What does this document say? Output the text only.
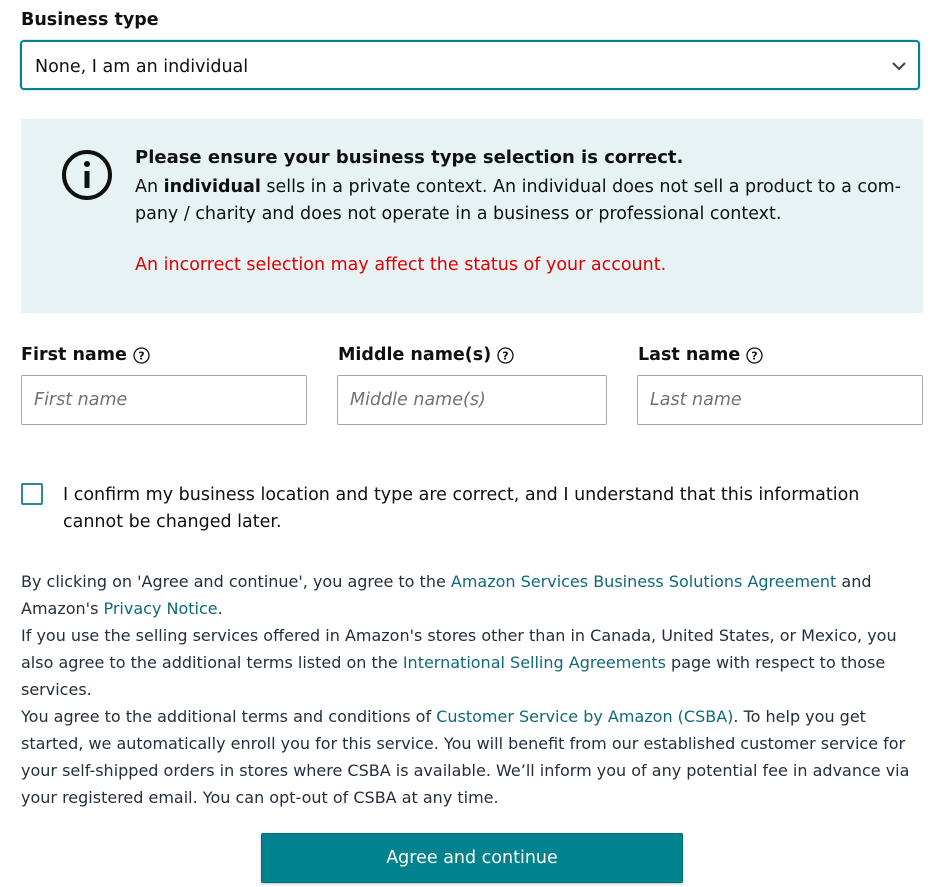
Business type
None, I am an individual
Please ensure your business type selection is correct.
An individual sells in a private context. An individual does not sell a product to a com-pany / charity and does not operate in a business or professional context.
An incorrect selection may affect the status of your account.
First name ?	Middle name(s) ?	Last name ?
First name
Middle name(s)
Last name
I confirm my business location and type are correct, and I understand that this information cannot be changed later.
By clicking on 'Agree and continue', you agree to the Amazon Services Business Solutions Agreement and Amazon's Privacy Notice.
If you use the selling services offered in Amazon's stores other than in Canada, United States, or Mexico, you also agree to the additional terms listed on the International Selling Agreements page with respect to those services.
You agree to the additional terms and conditions of Customer Service by Amazon (CSBA). To help you get started, we automatically enroll you for this service. You will benefit from our established customer service for your self-shipped orders in stores where CSBA is available. We’ll inform you of any potential fee in advance via your registered email. You can opt-out of CSBA at any time.
Agree and continue
